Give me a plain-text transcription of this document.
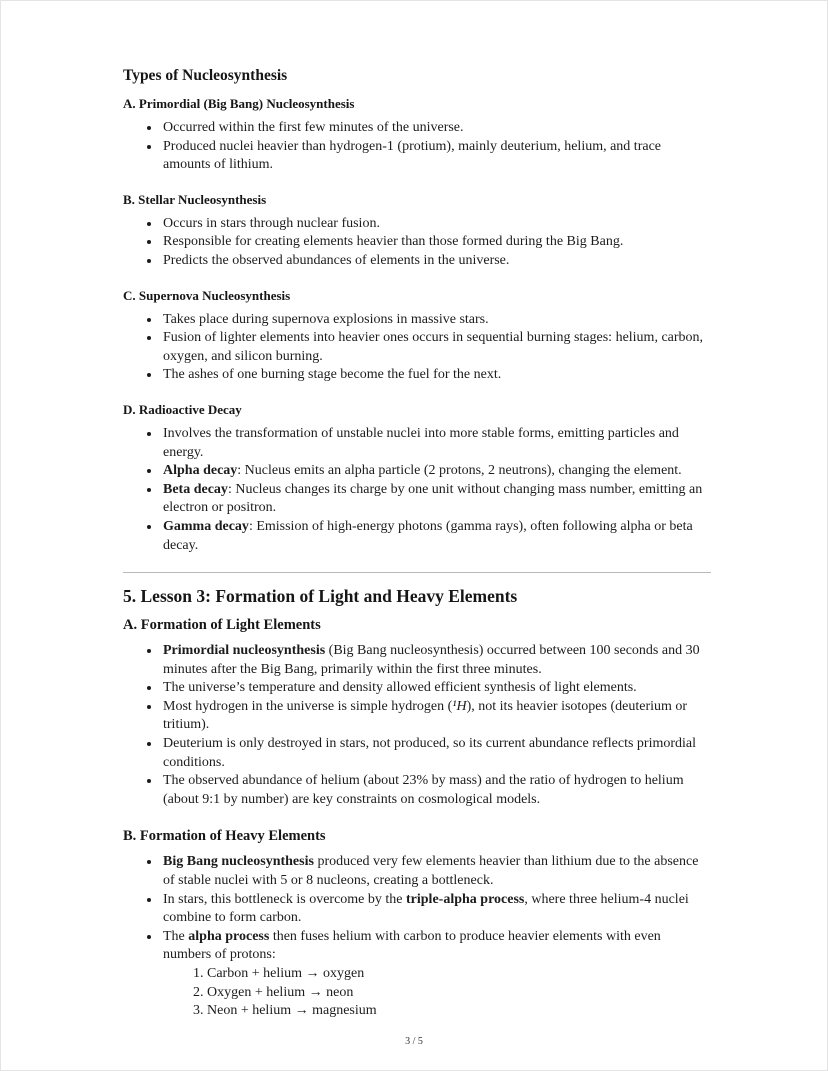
Types of Nucleosynthesis
A. Primordial (Big Bang) Nucleosynthesis
• Occurred within the first few minutes of the universe.
• Produced nuclei heavier than hydrogen-1 (protium), mainly deuterium, helium, and trace amounts of lithium.
B. Stellar Nucleosynthesis
• Occurs in stars through nuclear fusion.
• Responsible for creating elements heavier than those formed during the Big Bang.
• Predicts the observed abundances of elements in the universe.
C. Supernova Nucleosynthesis
• Takes place during supernova explosions in massive stars.
• Fusion of lighter elements into heavier ones occurs in sequential burning stages: helium, carbon, oxygen, and silicon burning.
• The ashes of one burning stage become the fuel for the next.
D. Radioactive Decay
• Involves the transformation of unstable nuclei into more stable forms, emitting particles and energy.
• Alpha decay: Nucleus emits an alpha particle (2 protons, 2 neutrons), changing the element.
• Beta decay: Nucleus changes its charge by one unit without changing mass number, emitting an electron or positron.
• Gamma decay: Emission of high-energy photons (gamma rays), often following alpha or beta decay.
5. Lesson 3: Formation of Light and Heavy Elements
A. Formation of Light Elements
• Primordial nucleosynthesis (Big Bang nucleosynthesis) occurred between 100 seconds and 30 minutes after the Big Bang, primarily within the first three minutes.
• The universe’s temperature and density allowed efficient synthesis of light elements.
• Most hydrogen in the universe is simple hydrogen (¹H), not its heavier isotopes (deuterium or tritium).
• Deuterium is only destroyed in stars, not produced, so its current abundance reflects primordial conditions.
• The observed abundance of helium (about 23% by mass) and the ratio of hydrogen to helium (about 9:1 by number) are key constraints on cosmological models.
B. Formation of Heavy Elements
• Big Bang nucleosynthesis produced very few elements heavier than lithium due to the absence of stable nuclei with 5 or 8 nucleons, creating a bottleneck.
• In stars, this bottleneck is overcome by the triple-alpha process, where three helium-4 nuclei combine to form carbon.
• The alpha process then fuses helium with carbon to produce heavier elements with even numbers of protons:
1. Carbon + helium → oxygen
2. Oxygen + helium → neon
3. Neon + helium → magnesium
3 / 5
